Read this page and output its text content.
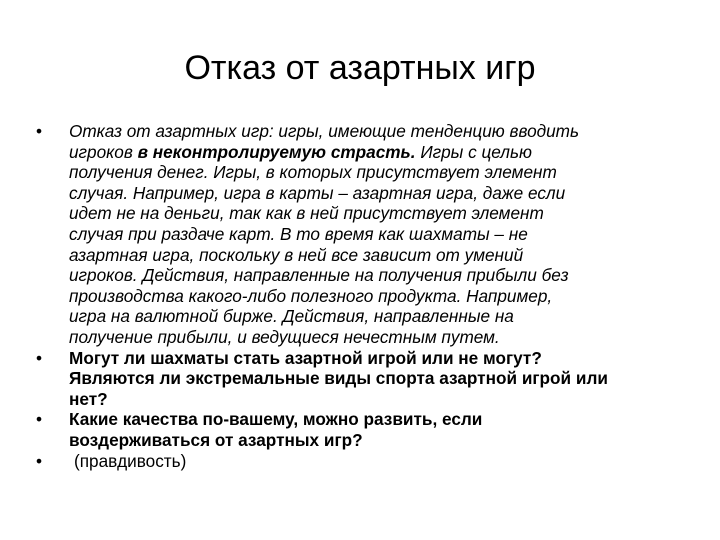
Отказ от азартных игр
• Отказ от азартных игр: игры, имеющие тенденцию вводить
игроков в неконтролируемую страсть. Игры с целью
получения денег. Игры, в которых присутствует элемент
случая. Например, игра в карты – азартная игра, даже если
идет не на деньги, так как в ней присутствует элемент
случая при раздаче карт. В то время как шахматы – не
азартная игра, поскольку в ней все зависит от умений
игроков. Действия, направленные на получения прибыли без
производства какого-либо полезного продукта. Например,
игра на валютной бирже. Действия, направленные на
получение прибыли, и ведущиеся нечестным путем.
• Могут ли шахматы стать азартной игрой или не могут?
Являются ли экстремальные виды спорта азартной игрой или
нет?
• Какие качества по-вашему, можно развить, если
воздерживаться от азартных игр?
• (правдивость)
